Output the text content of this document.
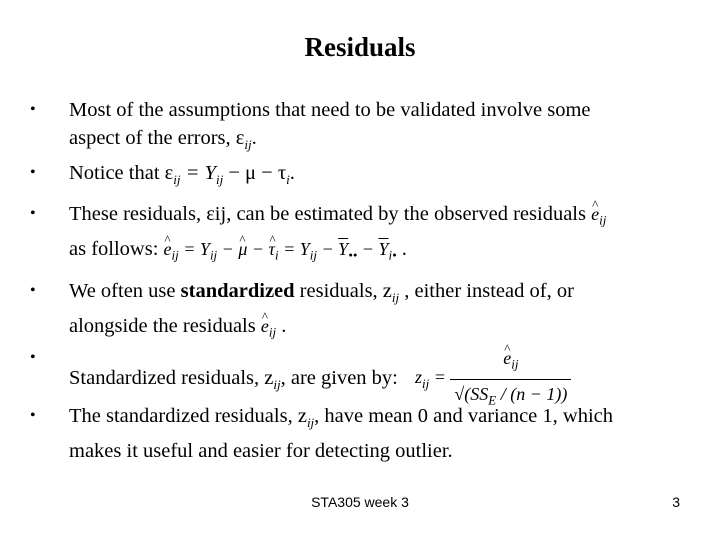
Residuals
• Most of the assumptions that need to be validated involve some
aspect of the errors, $\varepsilon_{ij}$.
• Notice that $\varepsilon_{ij} = Y_{ij} - \mu - \tau_i$.
• These residuals, εij, can be estimated by the observed residuals ^ $e_{ij}$
as follows: ^ $e_{ij} = Y_{ij}$ − ^ μ − ^ $\tau_i = Y_{ij} - \overline{Y}_{••} - \overline{Y}_{i•}$ .
• We often use standardized residuals, $z_{ij}$ , either instead of, or
alongside the residuals ^ $e_{ij}$ .
•
Standardized residuals, $z_{ij}$, are given by: $z_{ij}$ = ^ $\frac{e_{ij}}{√(SS_E / (n - 1))}$
• The standardized residuals, $z_{ij}$, have mean 0 and variance 1, which
makes it useful and easier for detecting outlier.
STA305 week 3	3
